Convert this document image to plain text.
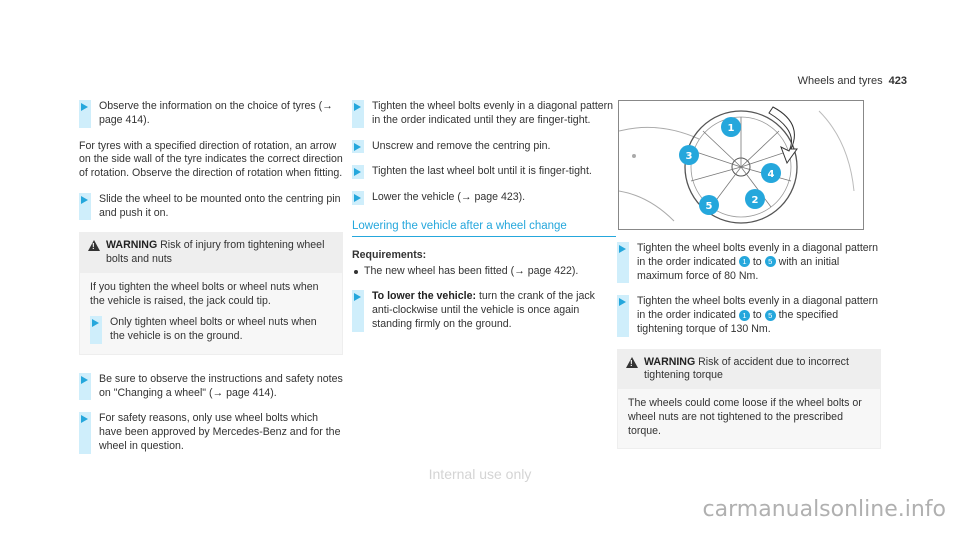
Wheels and tyres 423
Observe the information on the choice of tyres (→ page 414).
For tyres with a specified direction of rotation, an arrow on the side wall of the tyre indicates the correct direction of rotation. Observe the direction of rotation when fitting.
Slide the wheel to be mounted onto the centring pin and push it on.
!
WARNING Risk of injury from tightening wheel bolts and nuts
If you tighten the wheel bolts or wheel nuts when the vehicle is raised, the jack could tip.
Only tighten wheel bolts or wheel nuts when the vehicle is on the ground.
Be sure to observe the instructions and safety notes on "Changing a wheel" (→ page 414).
For safety reasons, only use wheel bolts which have been approved by Mercedes-Benz and for the wheel in question.
Tighten the wheel bolts evenly in a diagonal pattern in the order indicated until they are finger-tight.
Unscrew and remove the centring pin.
Tighten the last wheel bolt until it is finger-tight.
Lower the vehicle (→ page 423).
Lowering the vehicle after a wheel change
Requirements:
The new wheel has been fitted (→ page 422).
To lower the vehicle: turn the crank of the jack anti-clockwise until the vehicle is once again standing firmly on the ground.
1
2
3
4
5
Tighten the wheel bolts evenly in a diagonal pattern in the order indicated 1 to 5 with an initial maximum force of 80 Nm.
Tighten the wheel bolts evenly in a diagonal pattern in the order indicated 1 to 5 the specified tightening torque of 130 Nm.
!
WARNING Risk of accident due to incorrect tightening torque
The wheels could come loose if the wheel bolts or wheel nuts are not tightened to the prescribed torque.
Internal use only
carmanualsonline.info
